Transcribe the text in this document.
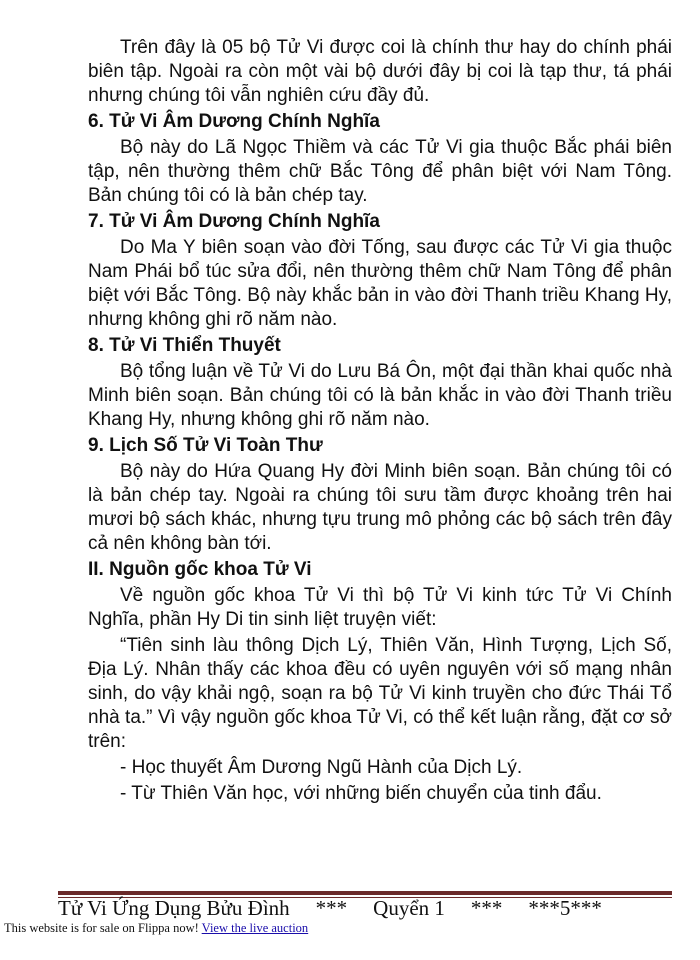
Trên đây là 05 bộ Tử Vi được coi là chính thư hay do chính phái biên tập. Ngoài ra còn một vài bộ dưới đây bị coi là tạp thư, tá phái nhưng chúng tôi vẫn nghiên cứu đầy đủ.

6. Tử Vi Âm Dương Chính Nghĩa

Bộ này do Lã Ngọc Thiềm và các Tử Vi gia thuộc Bắc phái biên tập, nên thường thêm chữ Bắc Tông để phân biệt với Nam Tông. Bản chúng tôi có là bản chép tay.

7. Tử Vi Âm Dương Chính Nghĩa

Do Ma Y biên soạn vào đời Tống, sau được các Tử Vi gia thuộc Nam Phái bổ túc sửa đổi, nên thường thêm chữ Nam Tông để phân biệt với Bắc Tông. Bộ này khắc bản in vào đời Thanh triều Khang Hy, nhưng không ghi rõ năm nào.

8. Tử Vi Thiển Thuyết

Bộ tổng luận về Tử Vi do Lưu Bá Ôn, một đại thần khai quốc nhà Minh biên soạn. Bản chúng tôi có là bản khắc in vào đời Thanh triều Khang Hy, nhưng không ghi rõ năm nào.

9. Lịch Số Tử Vi Toàn Thư

Bộ này do Hứa Quang Hy đời Minh biên soạn. Bản chúng tôi có là bản chép tay. Ngoài ra chúng tôi sưu tầm được khoảng trên hai mươi bộ sách khác, nhưng tựu trung mô phỏng các bộ sách trên đây cả nên không bàn tới.

II. Nguồn gốc khoa Tử Vi

Về nguồn gốc khoa Tử Vi thì bộ Tử Vi kinh tức Tử Vi Chính Nghĩa, phần Hy Di tin sinh liệt truyện viết:

“Tiên sinh làu thông Dịch Lý, Thiên Văn, Hình Tượng, Lịch Số, Địa Lý. Nhân thấy các khoa đều có uyên nguyên với số mạng nhân sinh, do vậy khải ngộ, soạn ra bộ Tử Vi kinh truyền cho đức Thái Tổ nhà ta.” Vì vậy nguồn gốc khoa Tử Vi, có thể kết luận rằng, đặt cơ sở trên:

- Học thuyết Âm Dương Ngũ Hành của Dịch Lý.

- Từ Thiên Văn học, với những biến chuyển của tinh đẩu.

Tử Vi Ứng Dụng Bửu Đình *** Quyển 1 *** ***5***
This website is for sale on Flippa now! View the live auction
